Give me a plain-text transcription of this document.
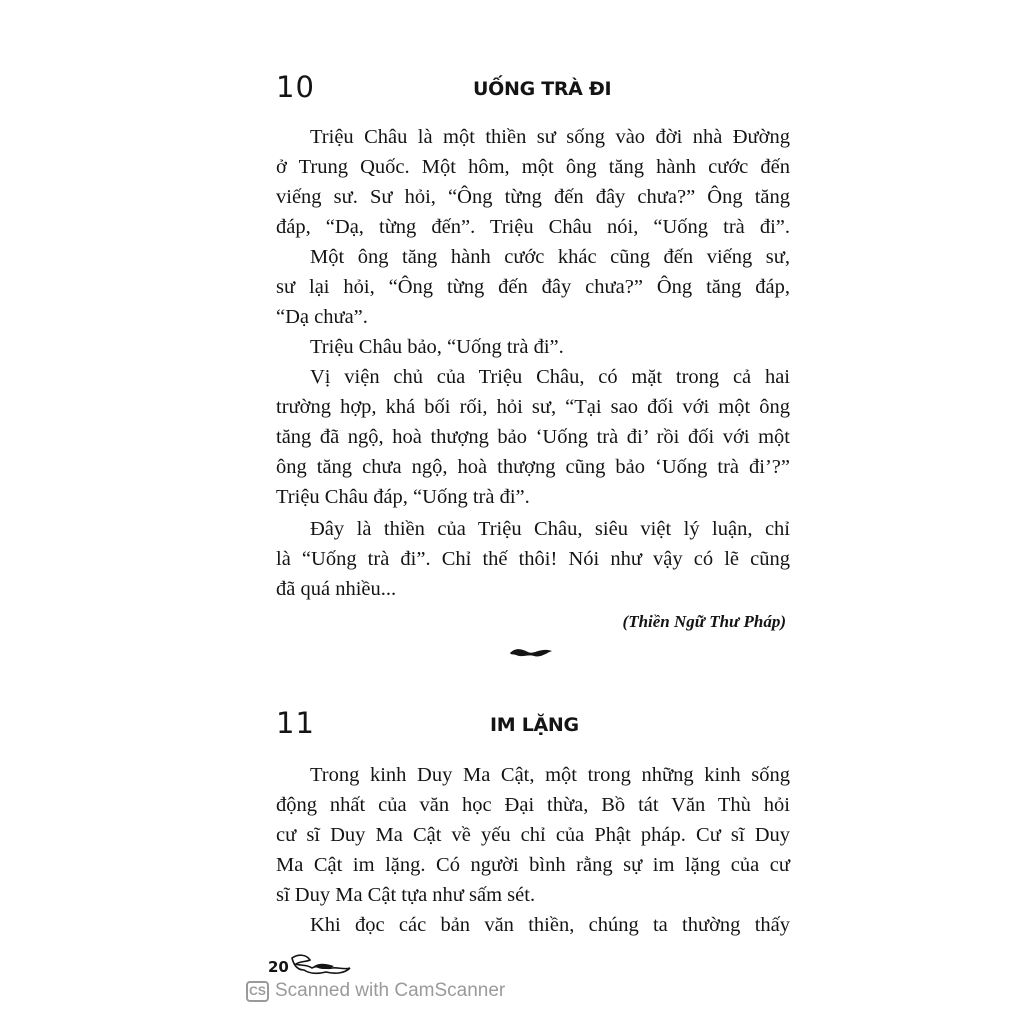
10	UỐNG TRÀ ĐI
Triệu Châu là một thiền sư sống vào đời nhà Đường
ở Trung Quốc. Một hôm, một ông tăng hành cước đến
viếng sư. Sư hỏi, “Ông từng đến đây chưa?” Ông tăng
đáp, “Dạ, từng đến”. Triệu Châu nói, “Uống trà đi”.
Một ông tăng hành cước khác cũng đến viếng sư,
sư lại hỏi, “Ông từng đến đây chưa?” Ông tăng đáp,
“Dạ chưa”.
Triệu Châu bảo, “Uống trà đi”.
Vị viện chủ của Triệu Châu, có mặt trong cả hai
trường hợp, khá bối rối, hỏi sư, “Tại sao đối với một ông
tăng đã ngộ, hoà thượng bảo ‘Uống trà đi’ rồi đối với một
ông tăng chưa ngộ, hoà thượng cũng bảo ‘Uống trà đi’?”
Triệu Châu đáp, “Uống trà đi”.
Đây là thiền của Triệu Châu, siêu việt lý luận, chỉ
là “Uống trà đi”. Chỉ thế thôi! Nói như vậy có lẽ cũng
đã quá nhiều...
(Thiền Ngữ Thư Pháp)
11	IM LẶNG
Trong kinh Duy Ma Cật, một trong những kinh sống
động nhất của văn học Đại thừa, Bồ tát Văn Thù hỏi
cư sĩ Duy Ma Cật về yếu chỉ của Phật pháp. Cư sĩ Duy
Ma Cật im lặng. Có người bình rằng sự im lặng của cư
sĩ Duy Ma Cật tựa như sấm sét.
Khi đọc các bản văn thiền, chúng ta thường thấy
20
CS Scanned with CamScanner
